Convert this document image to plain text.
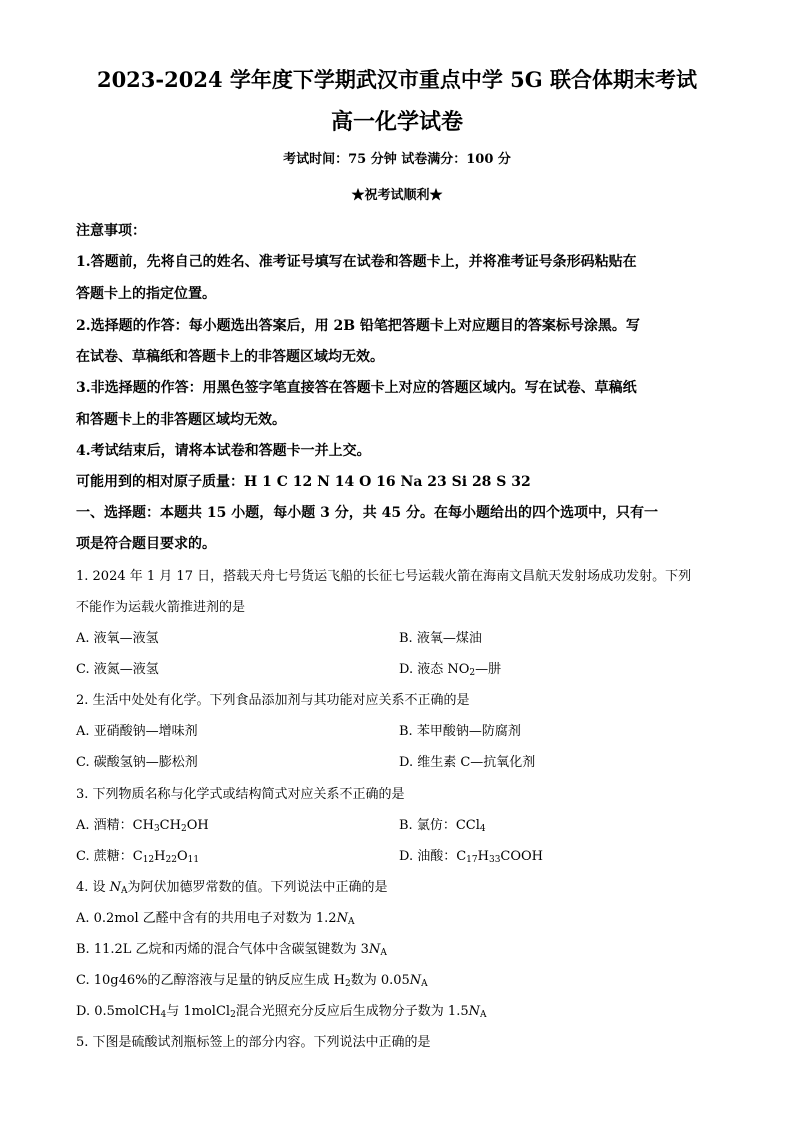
2023-2024 学年度下学期武汉市重点中学 5G 联合体期末考试
高一化学试卷
考试时间：75 分钟 试卷满分：100 分
★祝考试顺利★
注意事项：
1.答题前，先将自己的姓名、准考证号填写在试卷和答题卡上，并将准考证号条形码粘贴在
答题卡上的指定位置。
2.选择题的作答：每小题选出答案后，用 2B 铅笔把答题卡上对应题目的答案标号涂黑。写
在试卷、草稿纸和答题卡上的非答题区域均无效。
3.非选择题的作答：用黑色签字笔直接答在答题卡上对应的答题区域内。写在试卷、草稿纸
和答题卡上的非答题区域均无效。
4.考试结束后，请将本试卷和答题卡一并上交。
可能用到的相对原子质量：H 1 C 12 N 14 O 16 Na 23 Si 28 S 32
一、选择题：本题共 15 小题，每小题 3 分，共 45 分。在每小题给出的四个选项中，只有一
项是符合题目要求的。
1. 2024 年 1 月 17 日，搭载天舟七号货运飞船的长征七号运载火箭在海南文昌航天发射场成功发射。下列
不能作为运载火箭推进剂的是
A. 液氧—液氢	B. 液氧—煤油
C. 液氮—液氢	D. 液态 $NO_2—$肼
2. 生活中处处有化学。下列食品添加剂与其功能对应关系不正确的是
A. 亚硝酸钠—增味剂	B. 苯甲酸钠—防腐剂
C. 碳酸氢钠—膨松剂	D. 维生素 C—抗氧化剂
3. 下列物质名称与化学式或结构简式对应关系不正确的是
A. 酒精：$CH_3CH_2OH$	B. 氯仿：CCl$_4$
C. 蔗糖：$C_{12}H_{22}O_{11}$	D. 油酸：$C_{17}H_{33}COOH$
4. 设 $N_A$为阿伏加德罗常数的值。下列说法中正确的是
A. 0.2mol 乙醛中含有的共用电子对数为 $1.2N_A$
B. 11.2L 乙烷和丙烯的混合气体中含碳氢键数为 $3N_A$
C. 10g46%的乙醇溶液与足量的钠反应生成 $H_2$数为 $0.05N_A$
D. 0.5molCH$_4$与 1molCl$_2$混合光照充分反应后生成物分子数为 $1.5N_A$
5. 下图是硫酸试剂瓶标签上的部分内容。下列说法中正确的是
